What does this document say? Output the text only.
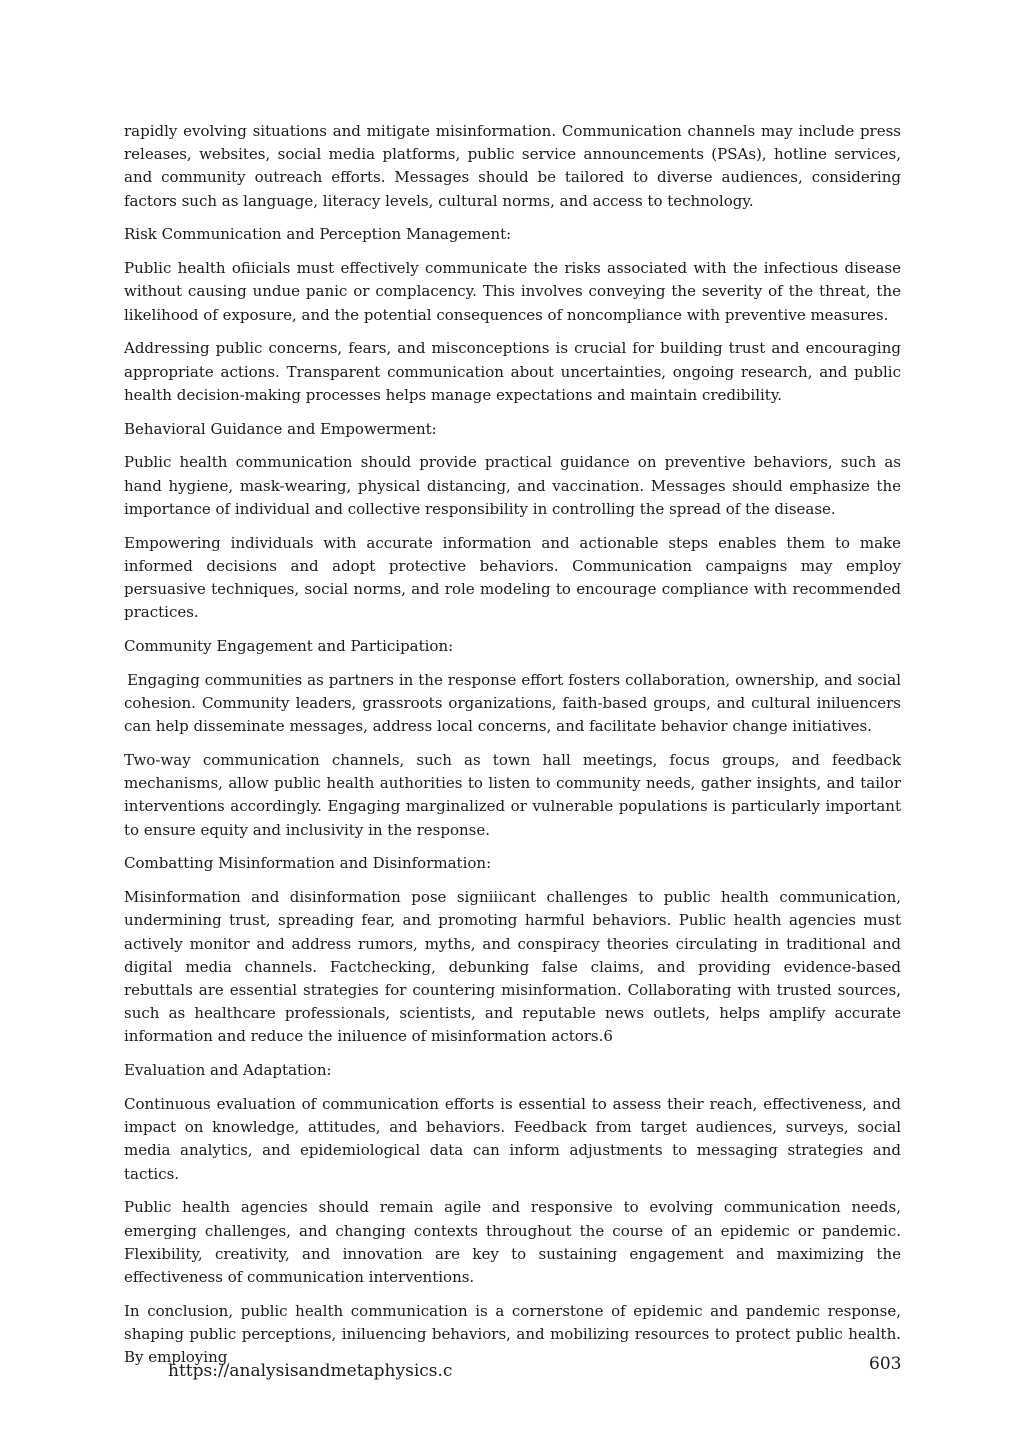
rapidly evolving situations and mitigate misinformation. Communication channels may include press releases, websites, social media platforms, public service announcements (PSAs), hotline services, and community outreach efforts. Messages should be tailored to diverse audiences, considering factors such as language, literacy levels, cultural norms, and access to technology.

Risk Communication and Perception Management:

Public health ofiicials must effectively communicate the risks associated with the infectious disease without causing undue panic or complacency. This involves conveying the severity of the threat, the likelihood of exposure, and the potential consequences of noncompliance with preventive measures.

Addressing public concerns, fears, and misconceptions is crucial for building trust and encouraging appropriate actions. Transparent communication about uncertainties, ongoing research, and public health decision-making processes helps manage expectations and maintain credibility.

Behavioral Guidance and Empowerment:

Public health communication should provide practical guidance on preventive behaviors, such as hand hygiene, mask-wearing, physical distancing, and vaccination. Messages should emphasize the importance of individual and collective responsibility in controlling the spread of the disease.

Empowering individuals with accurate information and actionable steps enables them to make informed decisions and adopt protective behaviors. Communication campaigns may employ persuasive techniques, social norms, and role modeling to encourage compliance with recommended practices.

Community Engagement and Participation:

Engaging communities as partners in the response effort fosters collaboration, ownership, and social cohesion. Community leaders, grassroots organizations, faith-based groups, and cultural iniluencers can help disseminate messages, address local concerns, and facilitate behavior change initiatives.

Two-way communication channels, such as town hall meetings, focus groups, and feedback mechanisms, allow public health authorities to listen to community needs, gather insights, and tailor interventions accordingly. Engaging marginalized or vulnerable populations is particularly important to ensure equity and inclusivity in the response.

Combatting Misinformation and Disinformation:

Misinformation and disinformation pose signiiicant challenges to public health communication, undermining trust, spreading fear, and promoting harmful behaviors. Public health agencies must actively monitor and address rumors, myths, and conspiracy theories circulating in traditional and digital media channels. Factchecking, debunking false claims, and providing evidence-based rebuttals are essential strategies for countering misinformation. Collaborating with trusted sources, such as healthcare professionals, scientists, and reputable news outlets, helps amplify accurate information and reduce the iniluence of misinformation actors.6

Evaluation and Adaptation:

Continuous evaluation of communication efforts is essential to assess their reach, effectiveness, and impact on knowledge, attitudes, and behaviors. Feedback from target audiences, surveys, social media analytics, and epidemiological data can inform adjustments to messaging strategies and tactics.

Public health agencies should remain agile and responsive to evolving communication needs, emerging challenges, and changing contexts throughout the course of an epidemic or pandemic. Flexibility, creativity, and innovation are key to sustaining engagement and maximizing the effectiveness of communication interventions.

In conclusion, public health communication is a cornerstone of epidemic and pandemic response, shaping public perceptions, iniluencing behaviors, and mobilizing resources to protect public health. By employing

https://analysisandmetaphysics.c	603
